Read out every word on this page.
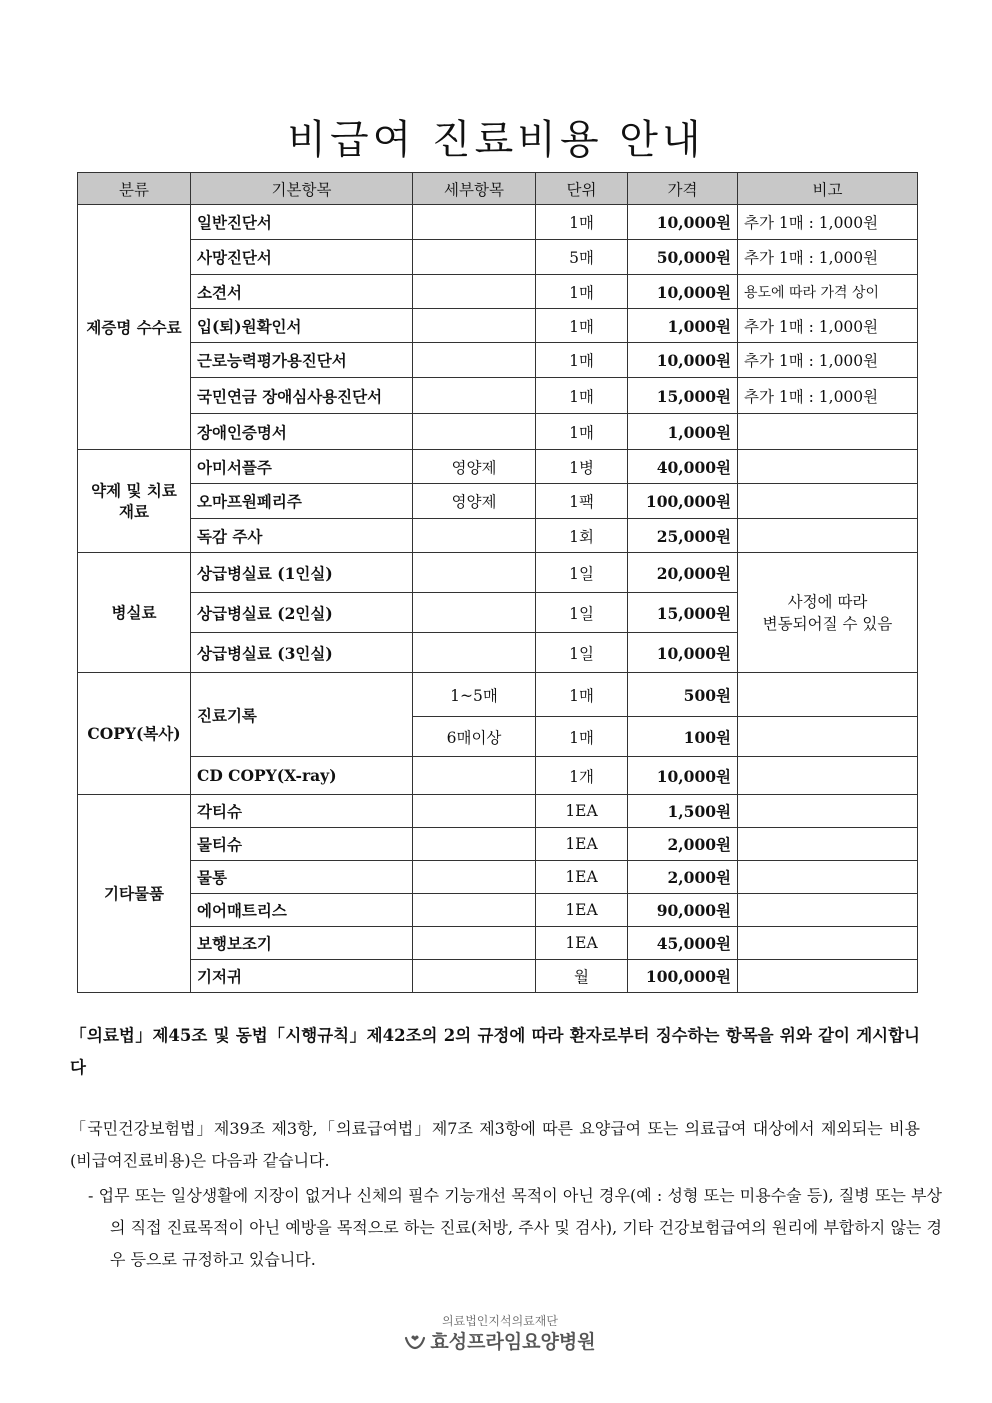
비급여 진료비용 안내
분류	기본항목	세부항목	단위	가격	비고
제증명 수수료	일반진단서		1매	10,000원	추가 1매 : 1,000원
	사망진단서		5매	50,000원	추가 1매 : 1,000원
	소견서		1매	10,000원	용도에 따라 가격 상이
	입(퇴)원확인서		1매	1,000원	추가 1매 : 1,000원
	근로능력평가용진단서		1매	10,000원	추가 1매 : 1,000원
	국민연금 장애심사용진단서		1매	15,000원	추가 1매 : 1,000원
	장애인증명서		1매	1,000원	
약제 및 치료재료	아미서플주	영양제	1병	40,000원	
	오마프원페리주	영양제	1팩	100,000원	
	독감 주사		1회	25,000원	
병실료	상급병실료 (1인실)		1일	20,000원	사정에 따라
변동되어질 수 있음
	상급병실료 (2인실)		1일	15,000원	
	상급병실료 (3인실)		1일	10,000원	
COPY(복사)	진료기록	1~5매	1매	500원	
		6매이상	1매	100원	
	CD COPY(X-ray)		1개	10,000원	
기타물품	각티슈		1EA	1,500원	
	물티슈		1EA	2,000원	
	물통		1EA	2,000원	
	에어매트리스		1EA	90,000원	
	보행보조기		1EA	45,000원	
	기저귀		월	100,000원	
「의료법」제45조 및 동법「시행규칙」제42조의 2의 규정에 따라 환자로부터 징수하는 항목을 위와 같이 게시합니다
「국민건강보험법」제39조 제3항,「의료급여법」제7조 제3항에 따른 요양급여 또는 의료급여 대상에서 제외되는 비용(비급여진료비용)은 다음과 같습니다.
- 업무 또는 일상생활에 지장이 없거나 신체의 필수 기능개선 목적이 아닌 경우(예 : 성형 또는 미용수술 등), 질병 또는 부상의 직접 진료목적이 아닌 예방을 목적으로 하는 진료(처방, 주사 및 검사), 기타 건강보험급여의 원리에 부합하지 않는 경우 등으로 규정하고 있습니다.
의료법인지석의료재단
효성프라임요양병원
